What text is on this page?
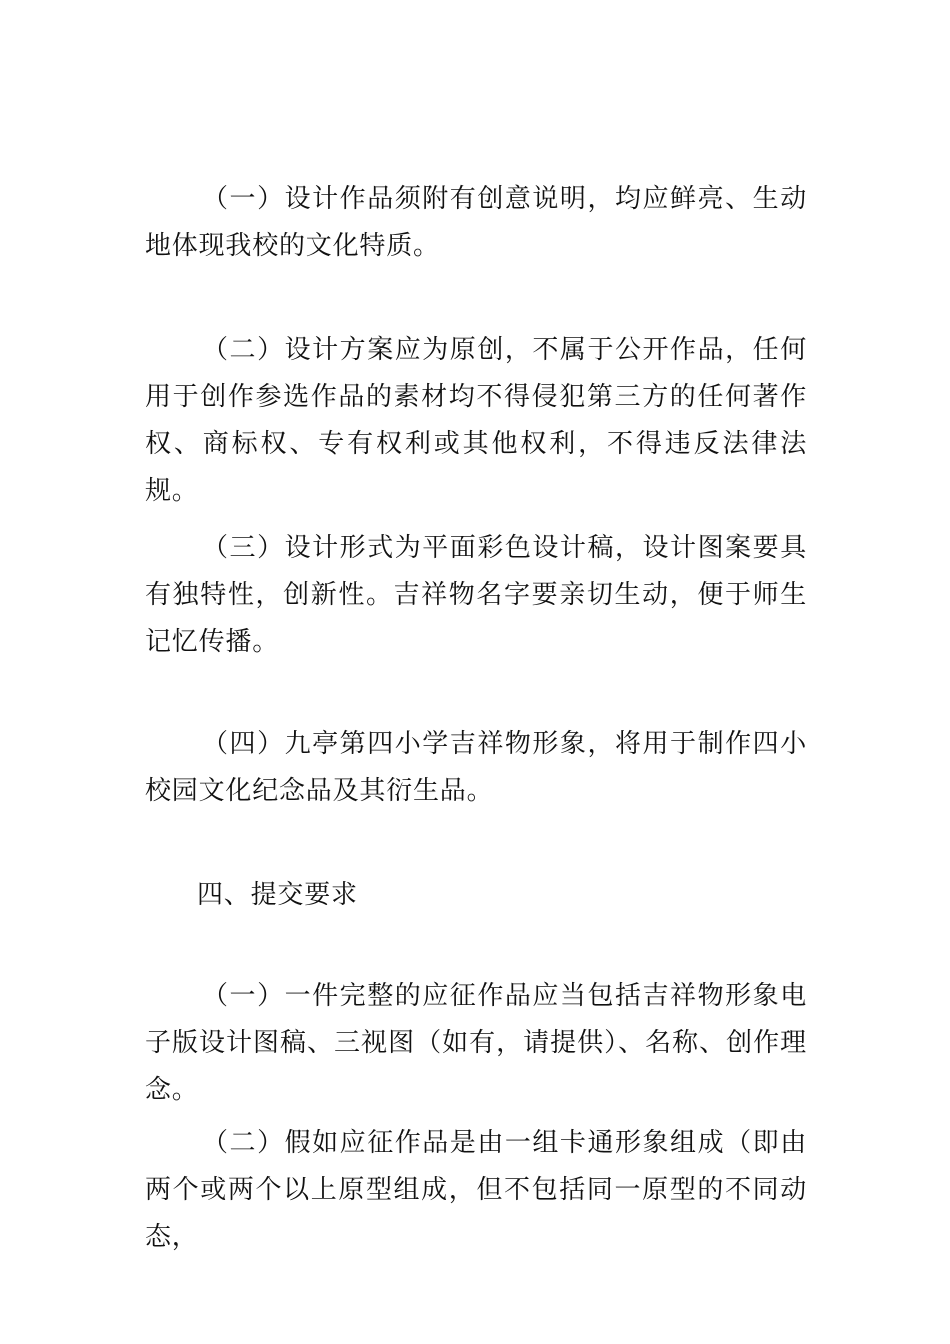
（一）设计作品须附有创意说明，均应鲜亮、生动地体现我校的文化特质。

（二）设计方案应为原创，不属于公开作品，任何用于创作参选作品的素材均不得侵犯第三方的任何著作权、商标权、专有权利或其他权利，不得违反法律法规。

（三）设计形式为平面彩色设计稿，设计图案要具有独特性，创新性。吉祥物名字要亲切生动，便于师生记忆传播。

（四）九亭第四小学吉祥物形象，将用于制作四小校园文化纪念品及其衍生品。

四、提交要求

（一）一件完整的应征作品应当包括吉祥物形象电子版设计图稿、三视图（如有，请提供）、名称、创作理念。

（二）假如应征作品是由一组卡通形象组成（即由两个或两个以上原型组成，但不包括同一原型的不同动态，
